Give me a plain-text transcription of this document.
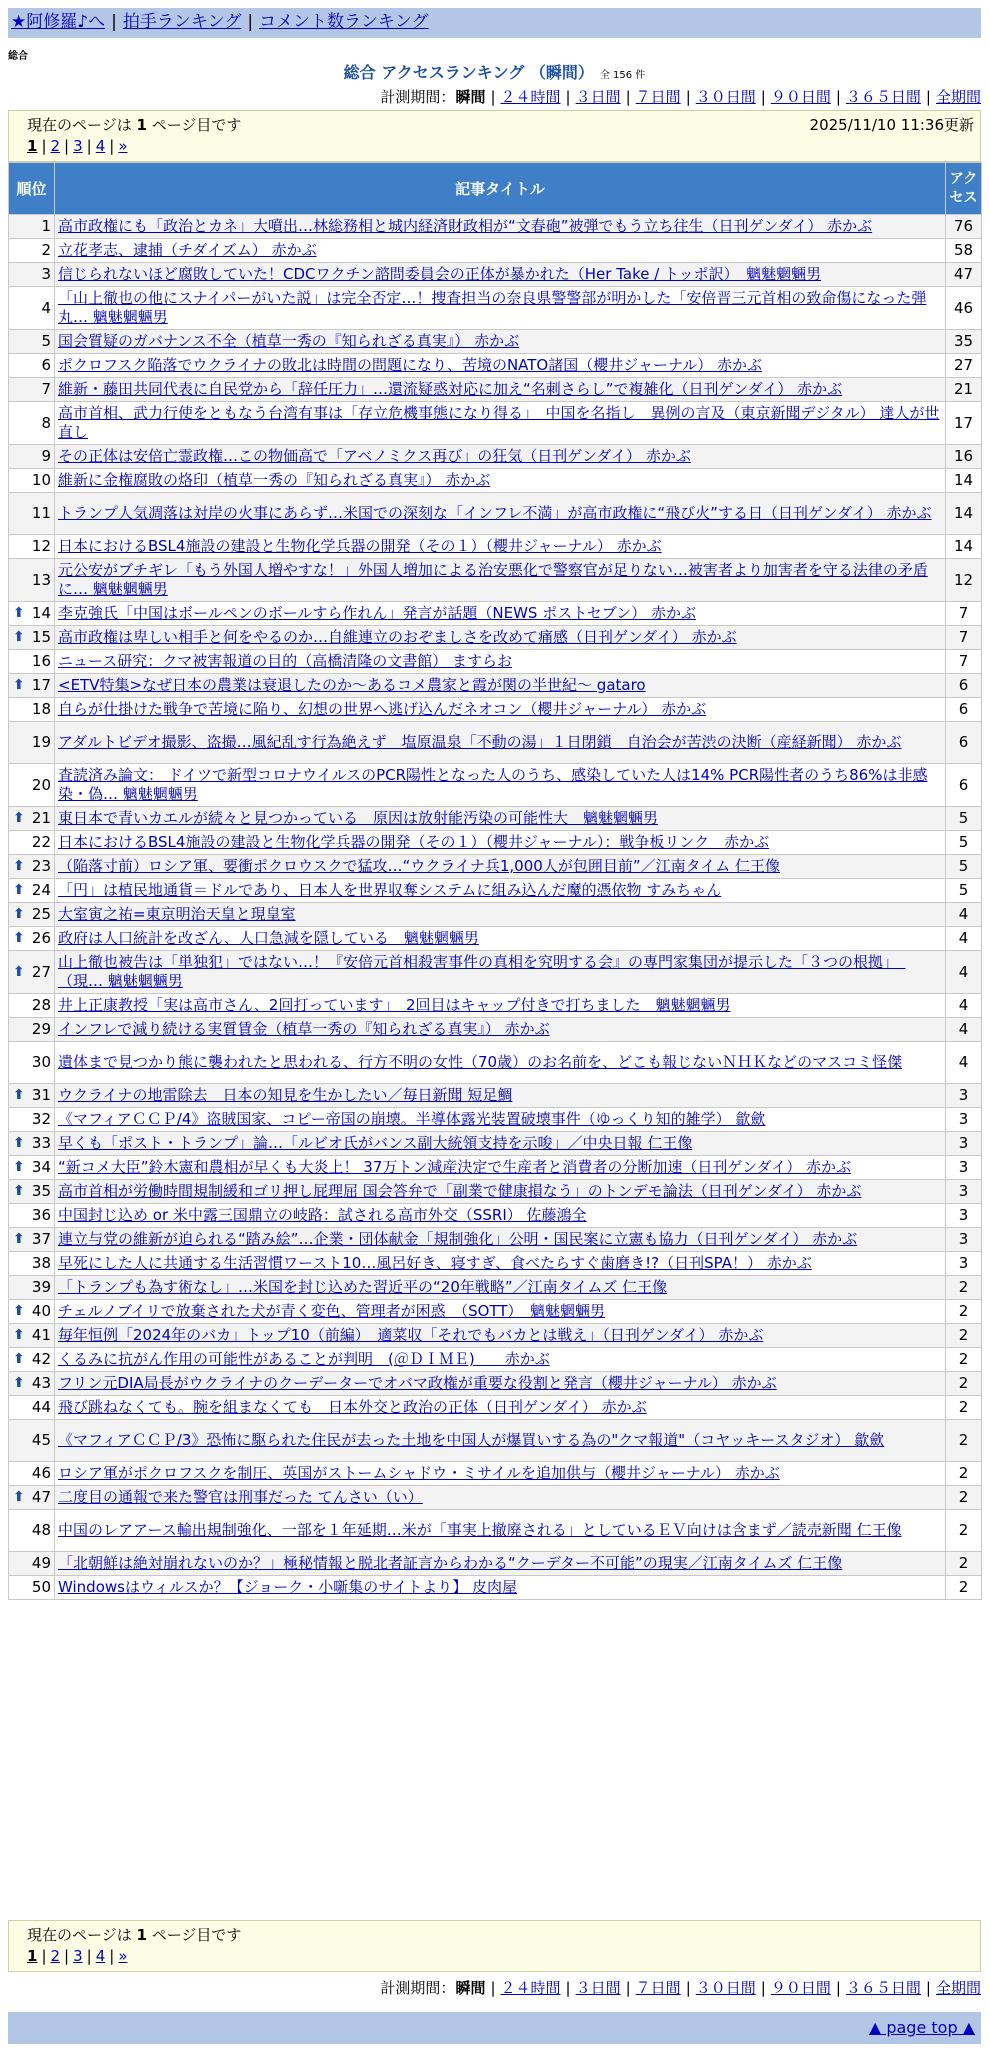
★阿修羅♪へ | 拍手ランキング | コメント数ランキング
総合
総合 アクセスランキング （瞬間） 全 156 件
計測期間：瞬間 | ２４時間 | ３日間 | ７日間 | ３０日間 | ９０日間 | ３６５日間 | 全期間
現在のページは 1 ページ目です	2025/11/10 11:36更新
1 | 2 | 3 | 4 | »
順位	記事タイトル	アクセス
1	高市政権にも「政治とカネ」大噴出…林総務相と城内経済財政相が“文春砲”被弾でもう立ち往生（日刊ゲンダイ） 赤かぶ	76
2	立花孝志、逮捕（チダイズム） 赤かぶ	58
3	信じられないほど腐敗していた！CDCワクチン諮問委員会の正体が暴かれた（Her Take / トッポ訳）　魑魅魍魎男	47
4	「山上徹也の他にスナイパーがいた説」は完全否定…！捜査担当の奈良県警警部が明かした「安倍晋三元首相の致命傷になった弾丸… 魑魅魍魎男	46
5	国会質疑のガバナンス不全（植草一秀の『知られざる真実』） 赤かぶ	35
6	ポクロフスク陥落でウクライナの敗北は時間の問題になり、苦境のNATO諸国（櫻井ジャーナル） 赤かぶ	27
7	維新・藤田共同代表に自民党から「辞任圧力」…還流疑惑対応に加え“名刺さらし”で複雑化（日刊ゲンダイ） 赤かぶ	21
8	高市首相、武力行使をともなう台湾有事は「存立危機事態になり得る」　中国を名指し　異例の言及（東京新聞デジタル） 達人が世直し	17
9	その正体は安倍亡霊政権…この物価高で「アベノミクス再び」の狂気（日刊ゲンダイ） 赤かぶ	16
10	維新に金権腐敗の烙印（植草一秀の『知られざる真実』） 赤かぶ	14
11	トランプ人気凋落は対岸の火事にあらず…米国での深刻な「インフレ不満」が高市政権に“飛び火”する日（日刊ゲンダイ） 赤かぶ	14
12	日本におけるBSL4施設の建設と生物化学兵器の開発（その１）（櫻井ジャーナル） 赤かぶ	14
13	元公安がブチギレ「もう外国人増やすな！」外国人増加による治安悪化で警察官が足りない…被害者より加害者を守る法律の矛盾に… 魑魅魍魎男	12

⬆ 14	李克強氏「中国はボールペンのボールすら作れん」発言が話題（NEWS ポストセブン） 赤かぶ	7

⬆ 15	高市政権は卑しい相手と何をやるのか…自維連立のおぞましさを改めて痛感（日刊ゲンダイ） 赤かぶ	7
16	ニュース研究：クマ被害報道の目的（高橋清隆の文書館） ますらお	7

⬆ 17	<ETV特集>なぜ日本の農業は衰退したのか～あるコメ農家と霞が関の半世紀～ gataro	6
18	自らが仕掛けた戦争で苦境に陥り、幻想の世界へ逃げ込んだネオコン（櫻井ジャーナル） 赤かぶ	6
19	アダルトビデオ撮影、盗撮…風紀乱す行為絶えず　塩原温泉「不動の湯」１日閉鎖　自治会が苦渋の決断（産経新聞） 赤かぶ	6
20	査読済み論文： ドイツで新型コロナウイルスのPCR陽性となった人のうち、感染していた人は14% PCR陽性者のうち86%は非感染・偽… 魑魅魍魎男	6

⬆ 21	東日本で青いカエルが続々と見つかっている　原因は放射能汚染の可能性大　魑魅魍魎男	5
22	日本におけるBSL4施設の建設と生物化学兵器の開発（その１）（櫻井ジャーナル）：戦争板リンク　赤かぶ	5

⬆ 23	（陥落寸前）ロシア軍、要衝ポクロウスクで猛攻…“ウクライナ兵1,000人が包囲目前”／江南タイム 仁王像	5

⬆ 24	「円」は植民地通貨＝ドルであり、日本人を世界収奪システムに組み込んだ魔的憑依物 すみちゃん	5

⬆ 25	大室寅之祐=東京明治天皇と現皇室	4

⬆ 26	政府は人口統計を改ざん、人口急減を隠している　魑魅魍魎男	4

⬆ 27	山上徹也被告は「単独犯」ではない…！『安倍元首相殺害事件の真相を究明する会』の専門家集団が提示した「３つの根拠」　（現… 魑魅魍魎男	4
28	井上正康教授「実は高市さん、2回打っています」　2回目はキャップ付きで打ちました　魑魅魍魎男	4
29	インフレで減り続ける実質賃金（植草一秀の『知られざる真実』） 赤かぶ	4
30	遺体まで見つかり熊に襲われたと思われる、行方不明の女性（70歳）のお名前を、どこも報じないＮＨＫなどのマスコミ怪傑	4

⬆ 31	ウクライナの地雷除去　日本の知見を生かしたい／毎日新聞 短足鯛	3
32	《マフィアＣＣＰ/4》盗賊国家、コピー帝国の崩壊。半導体露光装置破壊事件（ゆっくり知的雑学） 歙歛	3

⬆ 33	早くも「ポスト・トランプ」論…「ルビオ氏がバンス副大統領支持を示唆」／中央日報 仁王像	3

⬆ 34	“新コメ大臣”鈴木憲和農相が早くも大炎上！ 37万トン減産決定で生産者と消費者の分断加速（日刊ゲンダイ） 赤かぶ	3

⬆ 35	高市首相が労働時間規制緩和ゴリ押し屁理屈 国会答弁で「副業で健康損なう」のトンデモ論法（日刊ゲンダイ） 赤かぶ	3
36	中国封じ込め or 米中露三国鼎立の岐路：試される高市外交（SSRI） 佐藤鴻全	3

⬆ 37	連立与党の維新が迫られる“踏み絵”…企業・団体献金「規制強化」公明・国民案に立憲も協力（日刊ゲンダイ） 赤かぶ	3
38	早死にした人に共通する生活習慣ワースト10…風呂好き、寝すぎ、食べたらすぐ歯磨き!?（日刊SPA！） 赤かぶ	3
39	「トランプも為す術なし」…米国を封じ込めた習近平の“20年戦略”／江南タイムズ 仁王像	2

⬆ 40	チェルノブイリで放棄された犬が青く変色、管理者が困惑　（SOTT）　魑魅魍魎男	2

⬆ 41	毎年恒例「2024年のバカ」トップ10（前編）　適菜収「それでもバカとは戦え」（日刊ゲンダイ） 赤かぶ	2

⬆ 42	くるみに抗がん作用の可能性があることが判明　(＠ＤＩＭＥ)　　赤かぶ	2

⬆ 43	フリン元DIA局長がウクライナのクーデーターでオバマ政権が重要な役割と発言（櫻井ジャーナル） 赤かぶ	2
44	飛び跳ねなくても。腕を組まなくても　日本外交と政治の正体（日刊ゲンダイ） 赤かぶ	2
45	《マフィアＣＣＰ/3》恐怖に駆られた住民が去った土地を中国人が爆買いする為の"クマ報道"（コヤッキースタジオ） 歙歛	2
46	ロシア軍がポクロフスクを制圧、英国がストームシャドウ・ミサイルを追加供与（櫻井ジャーナル） 赤かぶ	2

⬆ 47	二度目の通報で来た警官は刑事だった てんさい（い）	2
48	中国のレアアース輸出規制強化、一部を１年延期…米が「事実上撤廃される」としているＥＶ向けは含まず／読売新聞 仁王像	2
49	「北朝鮮は絶対崩れないのか？」極秘情報と脱北者証言からわかる“クーデター不可能”の現実／江南タイムズ 仁王像	2
50	Windowsはウィルスか？【ジョーク・小噺集のサイトより】 皮肉屋	2
現在のページは 1 ページ目です
1 | 2 | 3 | 4 | »
計測期間：瞬間 | ２４時間 | ３日間 | ７日間 | ３０日間 | ９０日間 | ３６５日間 | 全期間
▲ page top ▲
